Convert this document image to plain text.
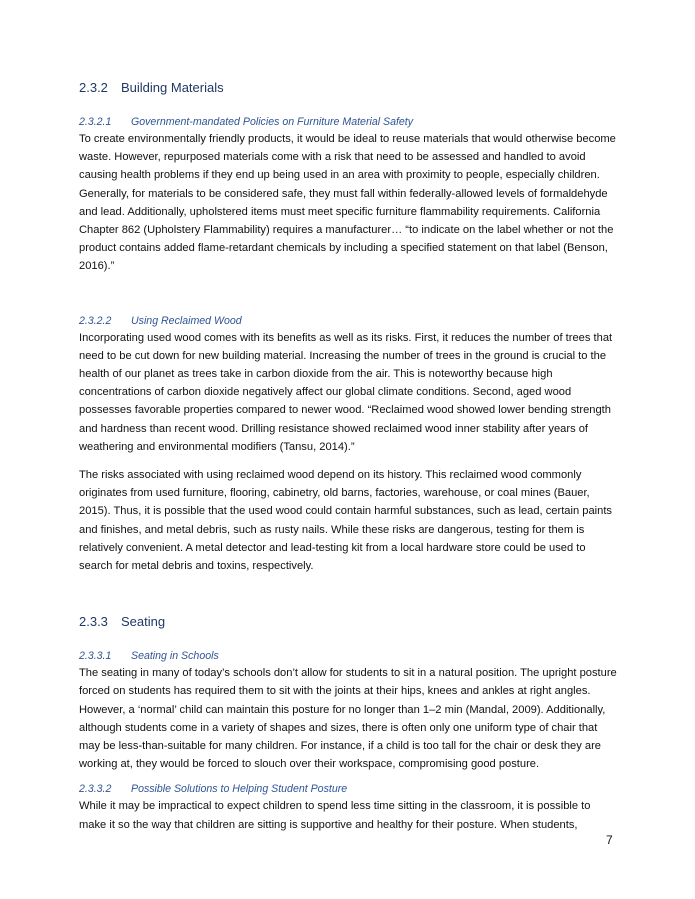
2.3.2 Building Materials
2.3.2.1 Government-mandated Policies on Furniture Material Safety

To create environmentally friendly products, it would be ideal to reuse materials that would otherwise become waste. However, repurposed materials come with a risk that need to be assessed and handled to avoid causing health problems if they end up being used in an area with proximity to people, especially children. Generally, for materials to be considered safe, they must fall within federally-allowed levels of formaldehyde and lead. Additionally, upholstered items must meet specific furniture flammability requirements. California Chapter 862 (Upholstery Flammability) requires a manufacturer… “to indicate on the label whether or not the product contains added flame-retardant chemicals by including a specified statement on that label (Benson, 2016).”

2.3.2.2 Using Reclaimed Wood

Incorporating used wood comes with its benefits as well as its risks. First, it reduces the number of trees that need to be cut down for new building material. Increasing the number of trees in the ground is crucial to the health of our planet as trees take in carbon dioxide from the air. This is noteworthy because high concentrations of carbon dioxide negatively affect our global climate conditions. Second, aged wood possesses favorable properties compared to newer wood. “Reclaimed wood showed lower bending strength and hardness than recent wood. Drilling resistance showed reclaimed wood inner stability after years of weathering and environmental modifiers (Tansu, 2014).”

The risks associated with using reclaimed wood depend on its history. This reclaimed wood commonly originates from used furniture, flooring, cabinetry, old barns, factories, warehouse, or coal mines (Bauer, 2015). Thus, it is possible that the used wood could contain harmful substances, such as lead, certain paints and finishes, and metal debris, such as rusty nails. While these risks are dangerous, testing for them is relatively convenient. A metal detector and lead-testing kit from a local hardware store could be used to search for metal debris and toxins, respectively.

2.3.3 Seating
2.3.3.1 Seating in Schools

The seating in many of today’s schools don’t allow for students to sit in a natural position. The upright posture forced on students has required them to sit with the joints at their hips, knees and ankles at right angles. However, a ‘normal’ child can maintain this posture for no longer than 1–2 min (Mandal, 2009). Additionally, although students come in a variety of shapes and sizes, there is often only one uniform type of chair that may be less-than-suitable for many children. For instance, if a child is too tall for the chair or desk they are working at, they would be forced to slouch over their workspace, compromising good posture.

2.3.3.2 Possible Solutions to Helping Student Posture

While it may be impractical to expect children to spend less time sitting in the classroom, it is possible to make it so the way that children are sitting is supportive and healthy for their posture. When students,

7
